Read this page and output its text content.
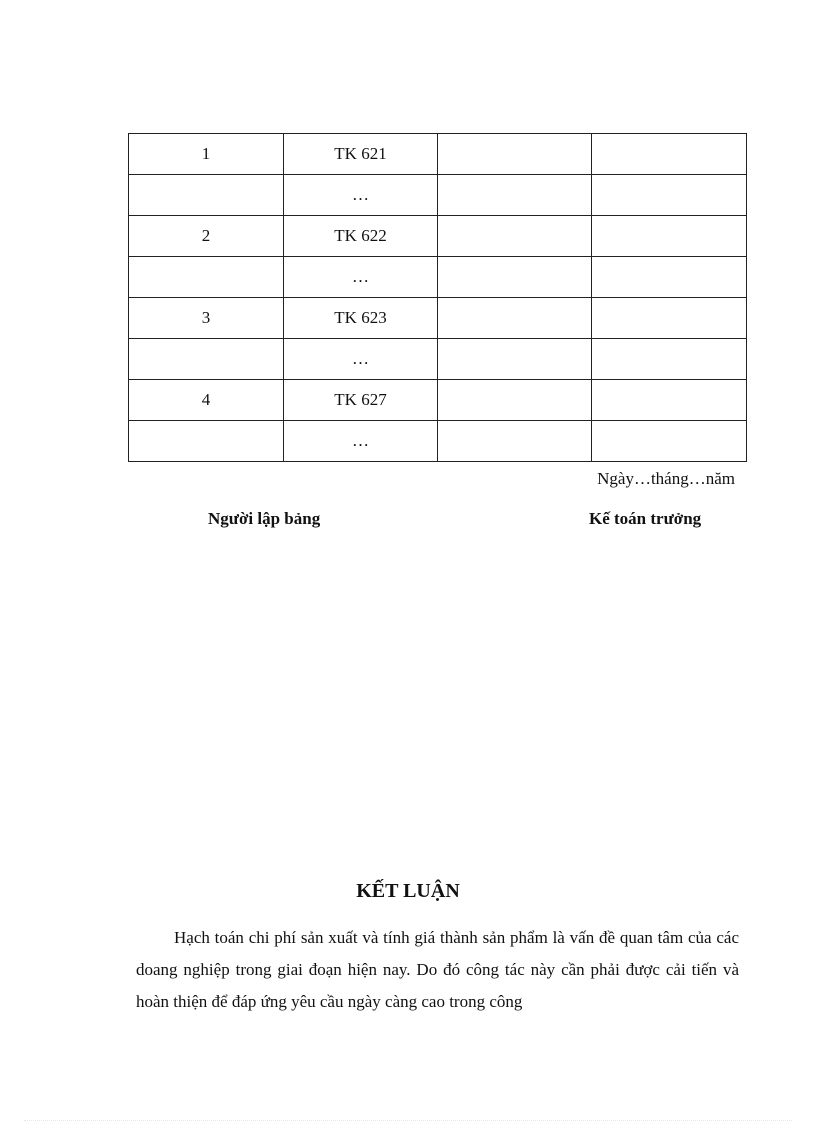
1	TK 621		
	…		
2	TK 622		
	…		
3	TK 623		
	…		
4	TK 627		
	…		
Ngày…tháng…năm
Người lập bảng	Kế toán trưởng
KẾT LUẬN

Hạch toán chi phí sản xuất và tính giá thành sản phẩm là vấn đề quan tâm của các doang nghiệp trong giai đoạn hiện nay. Do đó công tác này cần phải được cải tiến và hoàn thiện để đáp ứng yêu cầu ngày càng cao trong công
